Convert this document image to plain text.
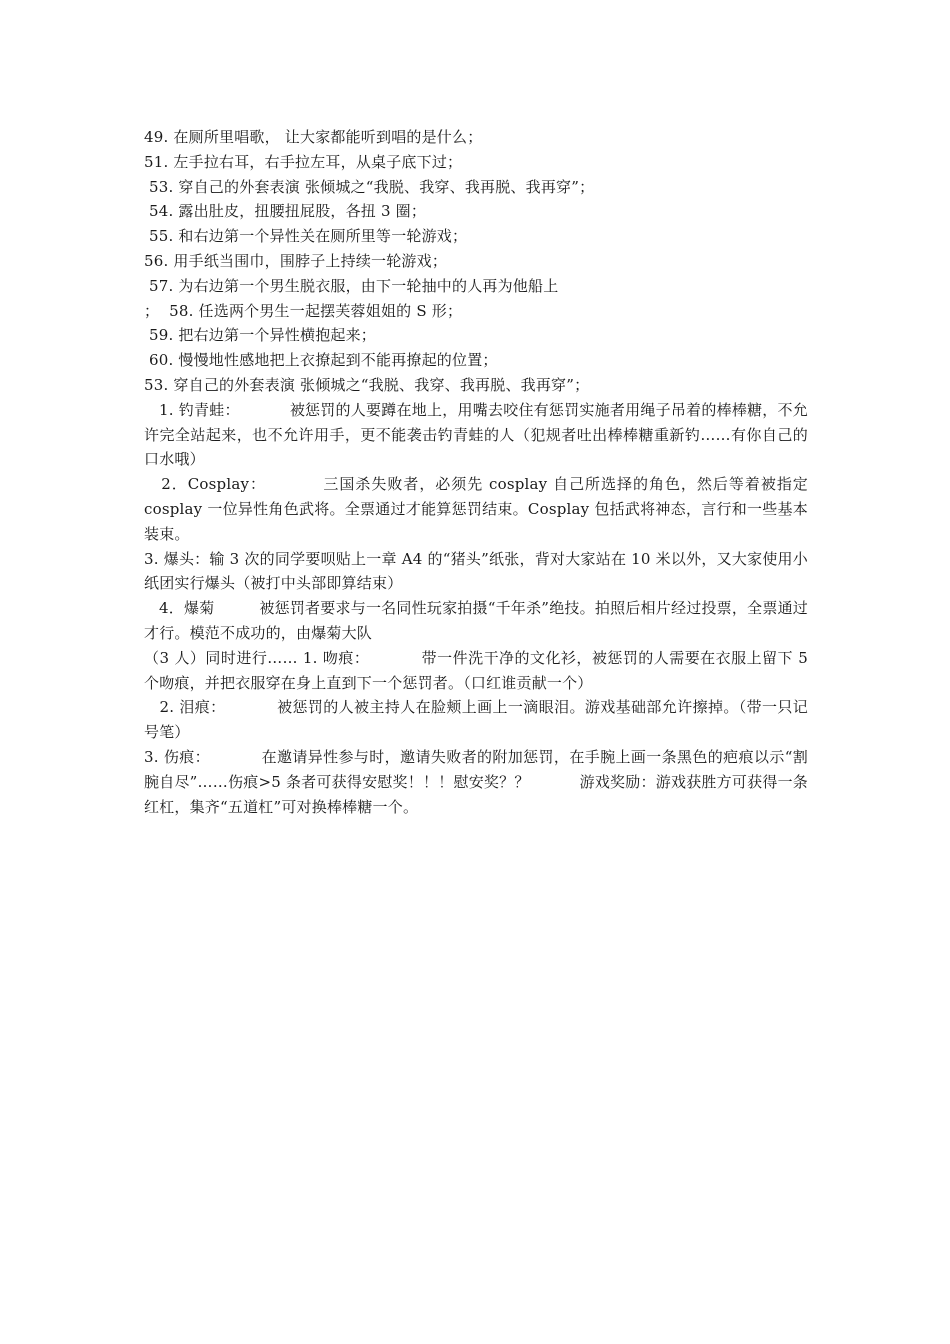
49. 在厕所里唱歌， 让大家都能听到唱的是什么；
51. 左手拉右耳，右手拉左耳，从桌子底下过；
53. 穿自己的外套表演 张倾城之“我脱、我穿、我再脱、我再穿”；
54. 露出肚皮，扭腰扭屁股，各扭 3 圈；
55. 和右边第一个异性关在厕所里等一轮游戏；
56. 用手纸当围巾，围脖子上持续一轮游戏；
57. 为右边第一个男生脱衣服，由下一轮抽中的人再为他船上
；  58. 任选两个男生一起摆芙蓉姐姐的 S 形；
59. 把右边第一个异性横抱起来；
60. 慢慢地性感地把上衣撩起到不能再撩起的位置；
53. 穿自己的外套表演 张倾城之“我脱、我穿、我再脱、我再穿”；
1. 钓青蛙：          被惩罚的人要蹲在地上，用嘴去咬住有惩罚实施者用绳子吊着的棒棒糖，不允许完全站起来，也不允许用手，更不能袭击钓青蛙的人（犯规者吐出棒棒糖重新钓……有你自己的口水哦）
2．Cosplay：          三国杀失败者，必须先 cosplay 自己所选择的角色，然后等着被指定 cosplay 一位异性角色武将。全票通过才能算惩罚结束。Cosplay 包括武将神态，言行和一些基本装束。
3. 爆头：输 3 次的同学要呗贴上一章 A4 的“猪头”纸张，背对大家站在 10 米以外，又大家使用小纸团实行爆头（被打中头部即算结束）
4．爆菊         被惩罚者要求与一名同性玩家拍摄“千年杀”绝技。拍照后相片经过投票，全票通过才行。模范不成功的，由爆菊大队
（3 人）同时进行…… 1. 吻痕：          带一件洗干净的文化衫，被惩罚的人需要在衣服上留下 5 个吻痕，并把衣服穿在身上直到下一个惩罚者。（口红谁贡献一个）
2. 泪痕：          被惩罚的人被主持人在脸颊上画上一滴眼泪。游戏基础部允许擦掉。（带一只记号笔）
3. 伤痕：          在邀请异性参与时，邀请失败者的附加惩罚，在手腕上画一条黑色的疤痕以示“割腕自尽”……伤痕>5 条者可获得安慰奖！！！慰安奖？？          游戏奖励：游戏获胜方可获得一条红杠，集齐“五道杠”可对换棒棒糖一个。
